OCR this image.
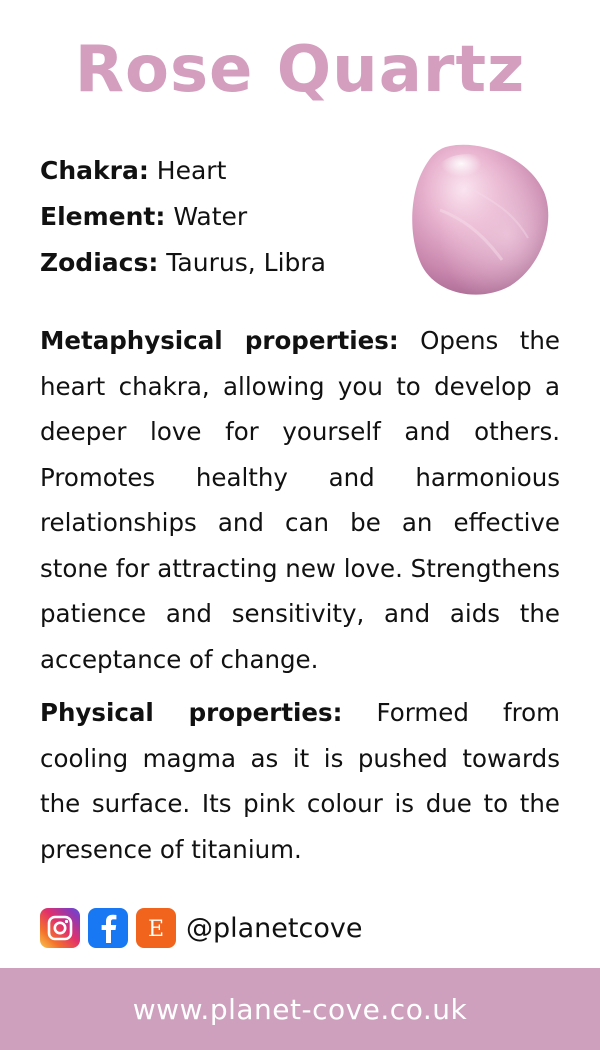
Rose Quartz
Chakra: Heart
Element: Water
Zodiacs: Taurus, Libra

Metaphysical properties: Opens the heart chakra, allowing you to develop a deeper love for yourself and others. Promotes healthy and harmonious relationships and can be an effective stone for attracting new love. Strengthens patience and sensitivity, and aids the acceptance of change.

Physical properties: Formed from cooling magma as it is pushed towards the surface. Its pink colour is due to the presence of titanium.

E @planetcove
www.planet-cove.co.uk
